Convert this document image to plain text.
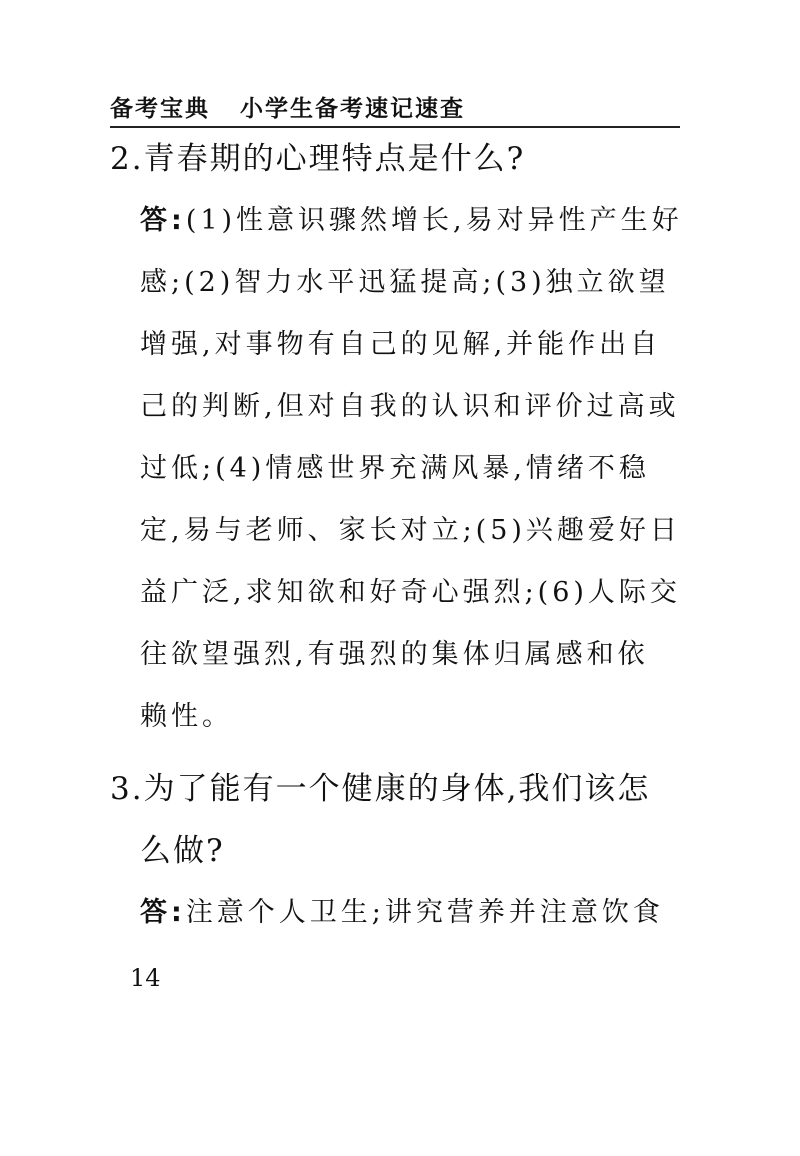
备考宝典 小学生备考速记速查
2.青春期的心理特点是什么?
答:(1)性意识骤然增长,易对异性产生好
感;(2)智力水平迅猛提高;(3)独立欲望
增强,对事物有自己的见解,并能作出自
己的判断,但对自我的认识和评价过高或
过低;(4)情感世界充满风暴,情绪不稳
定,易与老师、家长对立;(5)兴趣爱好日
益广泛,求知欲和好奇心强烈;(6)人际交
往欲望强烈,有强烈的集体归属感和依
赖性。
3.为了能有一个健康的身体,我们该怎
么做?
答:注意个人卫生;讲究营养并注意饮食
14
